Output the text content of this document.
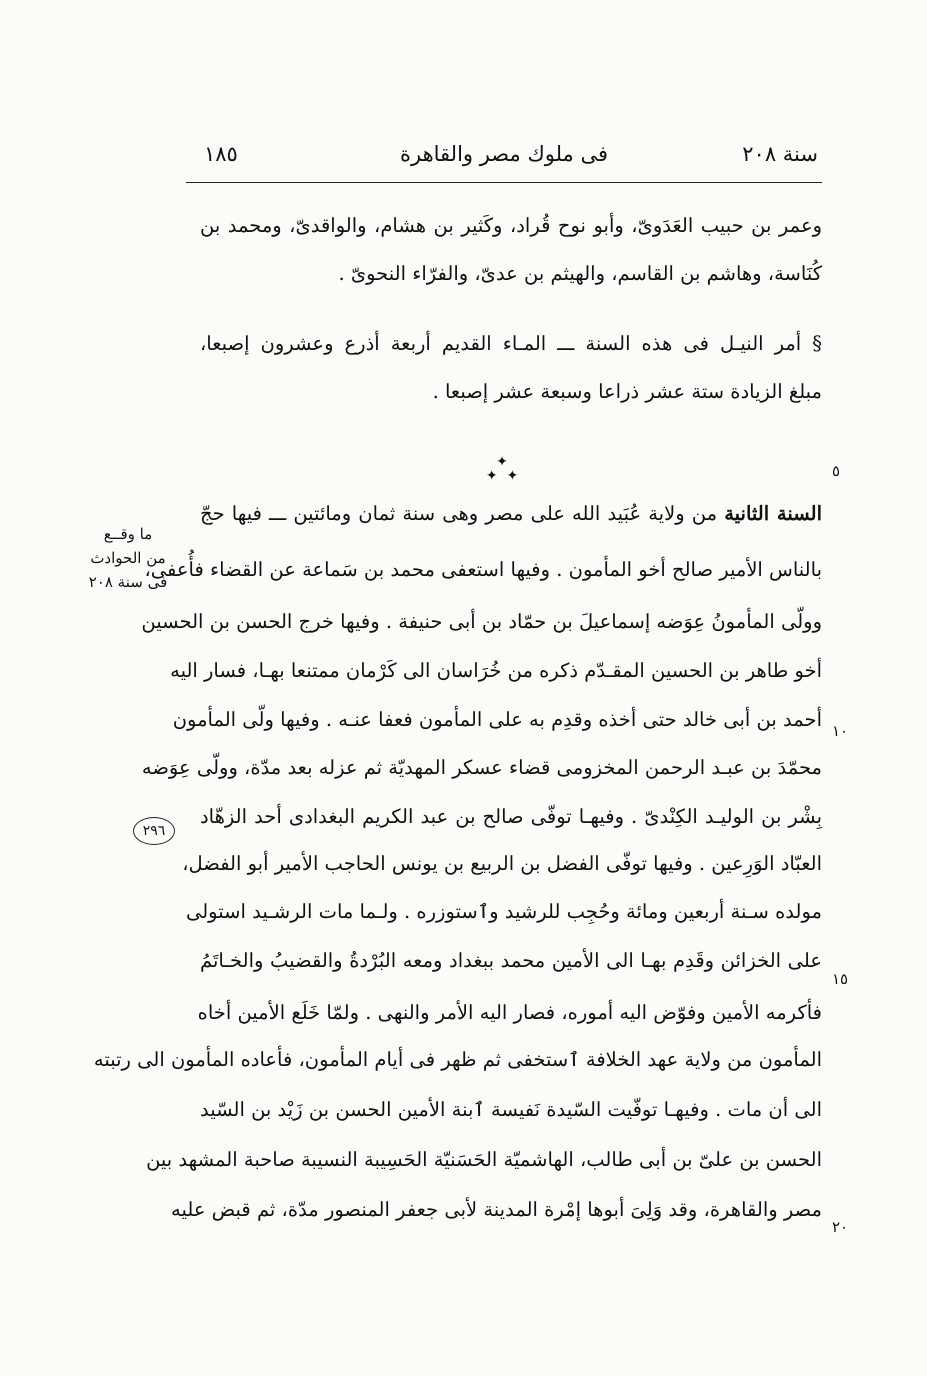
سنة ٢٠٨
فى ملوك مصر والقاهرة
١٨٥
وعمر بن حبيب العَدَوىّ، وأبو نوح قُراد، وكَثير بن هشام، والواقدىّ، ومحمد بن
كُنَاسة، وهاشم بن القاسم، والهيثم بن عدىّ، والفرّاء النحوىّ .
§ أمر النيـل فى هذه السنة ـــ المـاء القديم أربعة أذرع وعشرون إصبعا،
مبلغ الزيادة ستة عشر ذراعا وسبعة عشر إصبعا .
✦
✦  ✦
السنة الثانية من ولاية عُبَيد الله على مصر وهى سنة ثمان ومائتين ـــ فيها حجّ
بالناس الأمير صالح أخو المأمون . وفيها استعفى محمد بن سَماعة عن القضاء فأُعفى،
وولّى المأمونُ عِوَضه إسماعيلَ بن حمّاد بن أبى حنيفة . وفيها خرج الحسن بن الحسين
أخو طاهر بن الحسين المقـدّم ذكره من خُرَاسان الى كَرْمان ممتنعا بهـا، فسار اليه
أحمد بن أبى خالد حتى أخذه وقدِم به على المأمون فعفا عنـه . وفيها ولّى المأمون
محمّدَ بن عبـد الرحمن المخزومى قضاء عسكر المهديّة ثم عزله بعد مدّة، وولّى عِوَضه
بِشْر بن الوليـد الكِنْدىّ . وفيهـا توفّى صالح بن عبد الكريم البغدادى أحد الزهّاد
العبّاد الوَرِعين . وفيها توفّى الفضل بن الربيع بن يونس الحاجب الأمير أبو الفضل،
مولده سـنة أربعين ومائة وحُجِب للرشيد وٱستوزره . ولـما مات الرشـيد استولى
على الخزائن وقَدِم بهـا الى الأمين محمد ببغداد ومعه البُرْدةُ والقضيبُ والخـاتَمُ
فأكرمه الأمين وفوّض اليه أموره، فصار اليه الأمر والنهى . ولمّا خَلَع الأمين أخاه
المأمون من ولاية عهد الخلافة ٱستخفى ثم ظهر فى أيام المأمون، فأعاده المأمون الى رتبته
الى أن مات . وفيهـا توفّيت السّيدة نَفيسة ٱبنة الأمين الحسن بن زَيْد بن السّيد
الحسن بن علىّ بن أبى طالب، الهاشميّة الحَسَنيّة الحَسِيبة النسيبة صاحبة المشهد بين
مصر والقاهرة، وقد وَلِىَ أبوها إمْرة المدينة لأبى جعفر المنصور مدّة، ثم قبض عليه
٥
١٠
١٥
٢٠
ما وقــع
من الحوادث
فى سنة ٢٠٨
٢٩٦
